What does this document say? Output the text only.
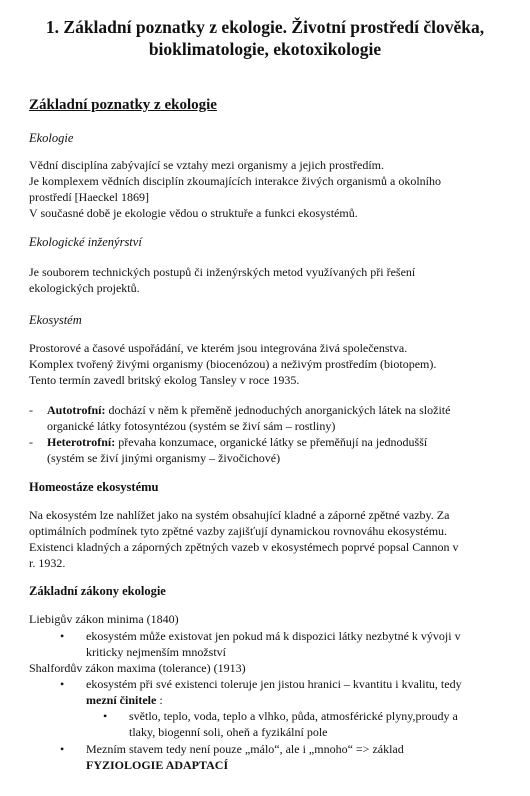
1. Základní poznatky z ekologie. Životní prostředí člověka,
bioklimatologie, ekotoxikologie
Základní poznatky z ekologie
Ekologie
Vědní disciplína zabývající se vztahy mezi organismy a jejich prostředím.
Je komplexem vědních disciplín zkoumajících interakce živých organismů a okolního
prostředí [Haeckel 1869]
V současné době je ekologie vědou o struktuře a funkci ekosystémů.
Ekologické inženýrství
Je souborem technických postupů či inženýrských metod využívaných při řešení
ekologických projektů.
Ekosystém
Prostorové a časové uspořádání, ve kterém jsou integrována živá společenstva.
Komplex tvořený živými organismy (biocenózou) a neživým prostředím (biotopem).
Tento termín zavedl britský ekolog Tansley v roce 1935.
- Autotrofní: dochází v něm k přeměně jednoduchých anorganických látek na složité
organické látky fotosyntézou (systém se živí sám – rostliny)
- Heterotrofní: převaha konzumace, organické látky se přeměňují na jednodušší
(systém se živí jinými organismy – živočichové)
Homeostáze ekosystému
Na ekosystém lze nahlížet jako na systém obsahující kladné a záporné zpětné vazby. Za
optimálních podmínek tyto zpětné vazby zajišťují dynamickou rovnováhu ekosystému.
Existenci kladných a záporných zpětných vazeb v ekosystémech poprvé popsal Cannon v
r. 1932.
Základní zákony ekologie
Liebigův zákon minima (1840)
• ekosystém může existovat jen pokud má k dispozici látky nezbytné k vývoji v
kriticky nejmenším množství
Shalfordův zákon maxima (tolerance) (1913)
• ekosystém při své existenci toleruje jen jistou hranici – kvantitu i kvalitu, tedy
mezní činitele :
• světlo, teplo, voda, teplo a vlhko, půda, atmosférické plyny,proudy a
tlaky, biogenní soli, oheň a fyzikální pole
• Mezním stavem tedy není pouze „málo“, ale i „mnoho“ => základ
FYZIOLOGIE ADAPTACÍ
